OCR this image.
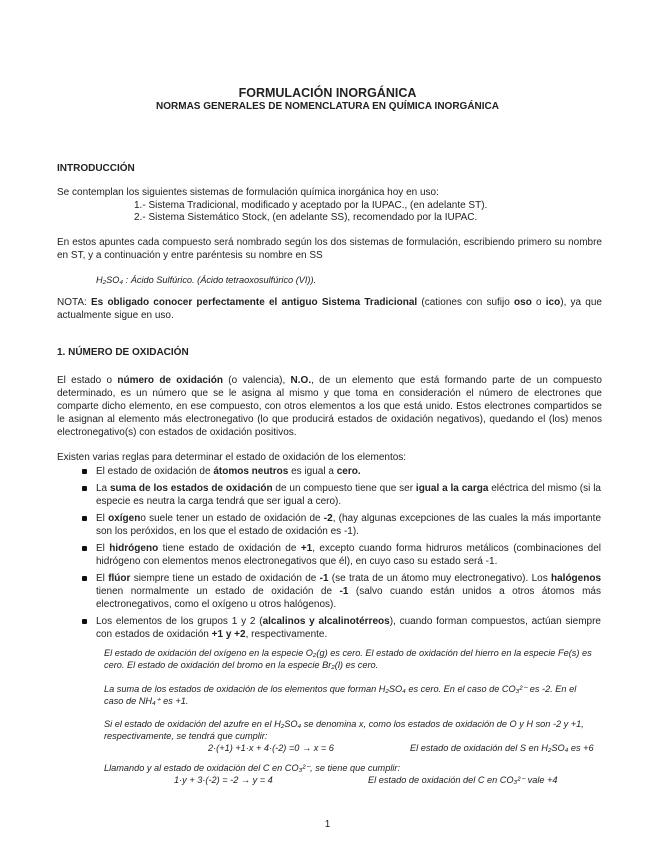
FORMULACIÓN INORGÁNICA
NORMAS GENERALES DE NOMENCLATURA EN QUÍMICA INORGÁNICA
INTRODUCCIÓN
Se contemplan los siguientes sistemas de formulación química inorgánica hoy en uso:
1.- Sistema Tradicional, modificado y aceptado por la IUPAC., (en adelante ST).
2.- Sistema Sistemático Stock, (en adelante SS), recomendado por la IUPAC.
En estos apuntes cada compuesto será nombrado según los dos sistemas de formulación, escribiendo primero su nombre en ST, y a continuación y entre paréntesis su nombre en SS
H₂SO₄ : Ácido Sulfúrico. (Ácido tetraoxosulfúrico (VI)).
NOTA: Es obligado conocer perfectamente el antiguo Sistema Tradicional (cationes con sufijo oso o ico), ya que actualmente sigue en uso.
1. NÚMERO DE OXIDACIÓN
El estado o número de oxidación (o valencia), N.O., de un elemento que está formando parte de un compuesto determinado, es un número que se le asigna al mismo y que toma en consideración el número de electrones que comparte dicho elemento, en ese compuesto, con otros elementos a los que está unido. Estos electrones compartidos se le asignan al elemento más electronegativo (lo que producirá estados de oxidación negativos), quedando el (los) menos electronegativo(s) con estados de oxidación positivos.
Existen varias reglas para determinar el estado de oxidación de los elementos:
El estado de oxidación de átomos neutros es igual a cero.
La suma de los estados de oxidación de un compuesto tiene que ser igual a la carga eléctrica del mismo (si la especie es neutra la carga tendrá que ser igual a cero).
El oxígeno suele tener un estado de oxidación de -2, (hay algunas excepciones de las cuales la más importante son los peróxidos, en los que el estado de oxidación es -1).
El hidrógeno tiene estado de oxidación de +1, excepto cuando forma hidruros metálicos (combinaciones del hidrógeno con elementos menos electronegativos que él), en cuyo caso su estado será -1.
El flúor siempre tiene un estado de oxidación de -1 (se trata de un átomo muy electronegativo). Los halógenos tienen normalmente un estado de oxidación de -1 (salvo cuando están unidos a otros átomos más electronegativos, como el oxígeno u otros halógenos).
Los elementos de los grupos 1 y 2 (alcalinos y alcalinotérreos), cuando forman compuestos, actúan siempre con estados de oxidación +1 y +2, respectivamente.
El estado de oxidación del oxígeno en la especie O₂(g) es cero. El estado de oxidación del hierro en la especie Fe(s) es cero. El estado de oxidación del bromo en la especie Br₂(l) es cero.
La suma de los estados de oxidación de los elementos que forman H₂SO₄ es cero. En el caso de CO₃²⁻ es -2. En el caso de NH₄⁺ es +1.
Si el estado de oxidación del azufre en el H₂SO₄ se denomina x, como los estados de oxidación de O y H son -2 y +1, respectivamente, se tendrá que cumplir:
2·(+1) +1·x + 4·(-2) =0 → x = 6	El estado de oxidación del S en H₂SO₄ es +6
Llamando y al estado de oxidación del C en CO₃²⁻, se tiene que cumplir:
1·y + 3·(-2) = -2 → y = 4	El estado de oxidación del C en CO₃²⁻ vale +4
1
